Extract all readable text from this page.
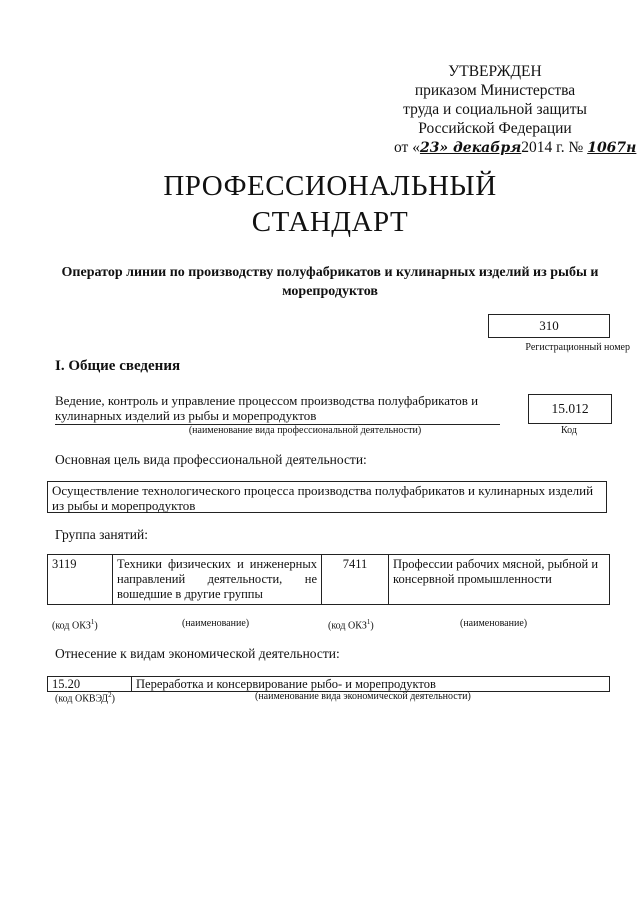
УТВЕРЖДЕН
приказом Министерства
труда и социальной защиты
Российской Федерации
от «23» декабря2014 г. № 1067н
ПРОФЕССИОНАЛЬНЫЙ
СТАНДАРТ
Оператор линии по производству полуфабрикатов и кулинарных изделий из рыбы и морепродуктов
310
Регистрационный номер
I. Общие сведения
Ведение, контроль и управление процессом производства полуфабрикатов и кулинарных изделий из рыбы и морепродуктов
(наименование вида профессиональной деятельности)
15.012
Код
Основная цель вида профессиональной деятельности:
Осуществление технологического процесса производства полуфабрикатов и кулинарных изделий из рыбы и морепродуктов
Группа занятий:
3119	Техники физических и инженерных направлений деятельности, не вошедшие в другие группы	7411	Профессии рабочих мясной, рыбной и консервной промышленности
(код ОКЗ$^1$)	(наименование)	(код ОКЗ$^1$)	(наименование)
Отнесение к видам экономической деятельности:
15.20	Переработка и консервирование рыбо- и морепродуктов
(код ОКВЭД$^2$)	(наименование вида экономической деятельности)
